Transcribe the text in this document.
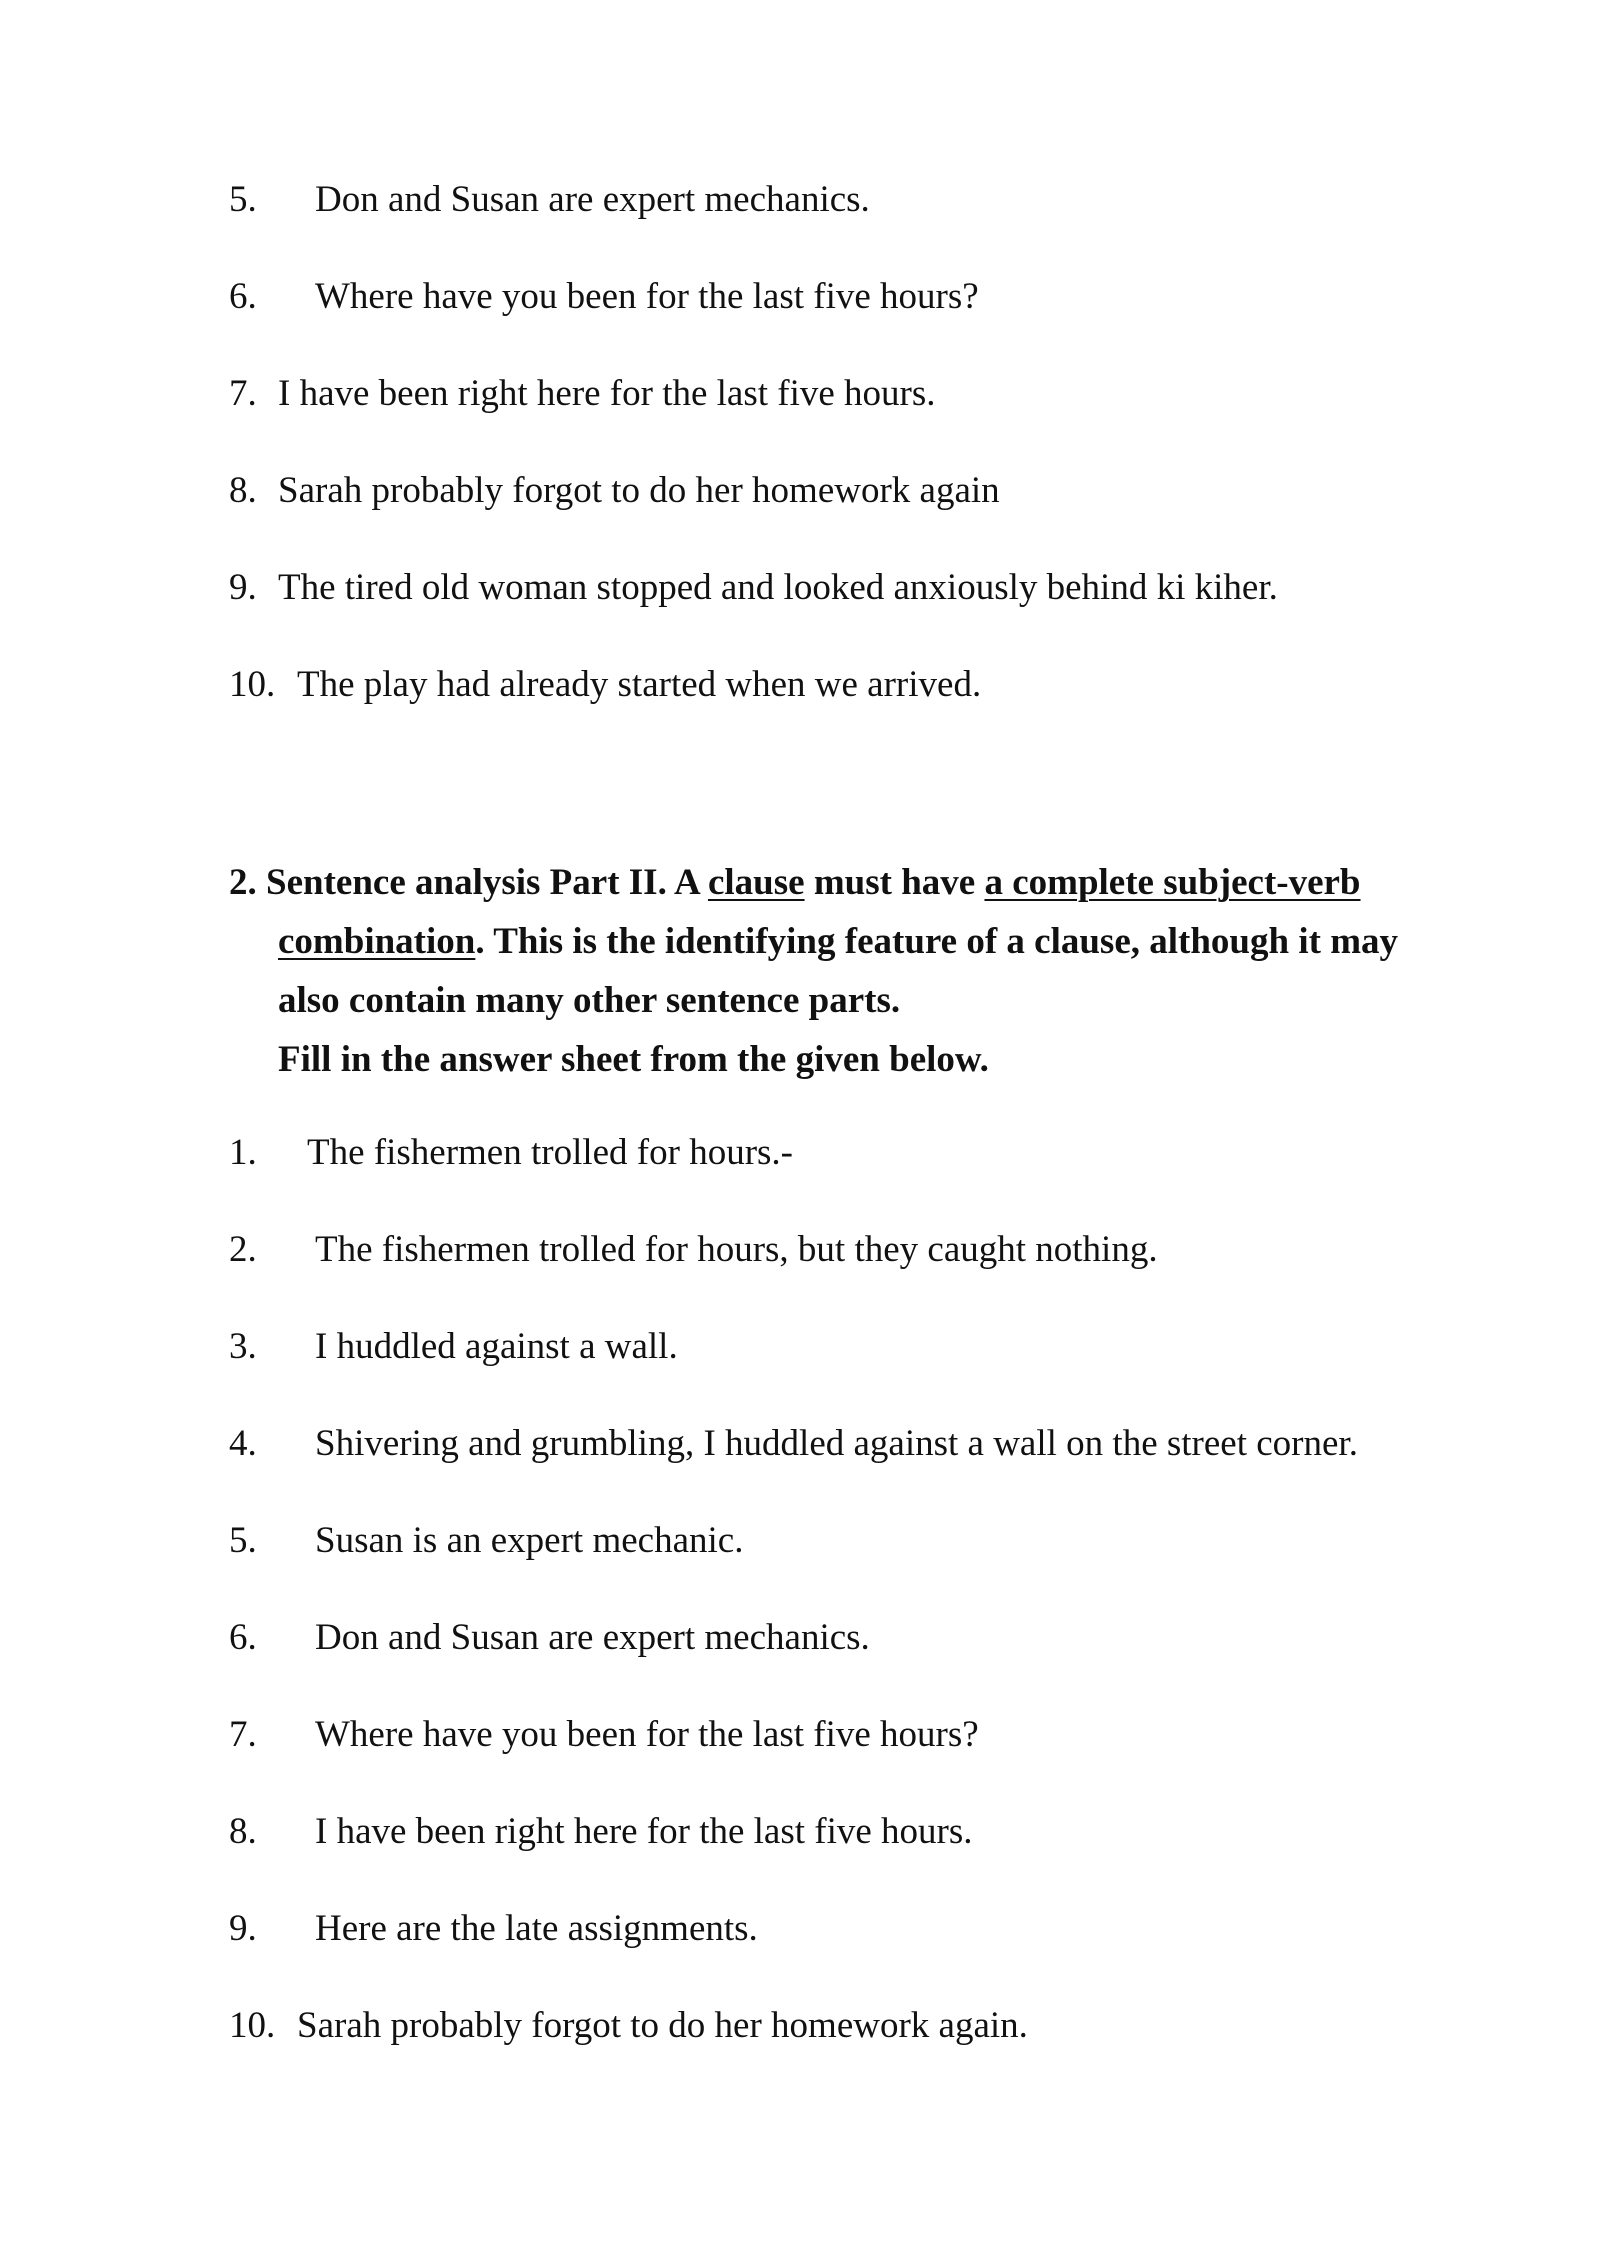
5. Don and Susan are expert mechanics.
6. Where have you been for the last five hours?
7. I have been right here for the last five hours.
8. Sarah probably forgot to do her homework again
9. The tired old woman stopped and looked anxiously behind ki kiher.
10. The play had already started when we arrived.
2. Sentence analysis Part II. A clause must have a complete subject-verb
combination. This is the identifying feature of a clause, although it may
also contain many other sentence parts.
Fill in the answer sheet from the given below.
1. The fishermen trolled for hours.-
2. The fishermen trolled for hours, but they caught nothing.
3. I huddled against a wall.
4. Shivering and grumbling, I huddled against a wall on the street corner.
5. Susan is an expert mechanic.
6. Don and Susan are expert mechanics.
7. Where have you been for the last five hours?
8. I have been right here for the last five hours.
9. Here are the late assignments.
10. Sarah probably forgot to do her homework again.
